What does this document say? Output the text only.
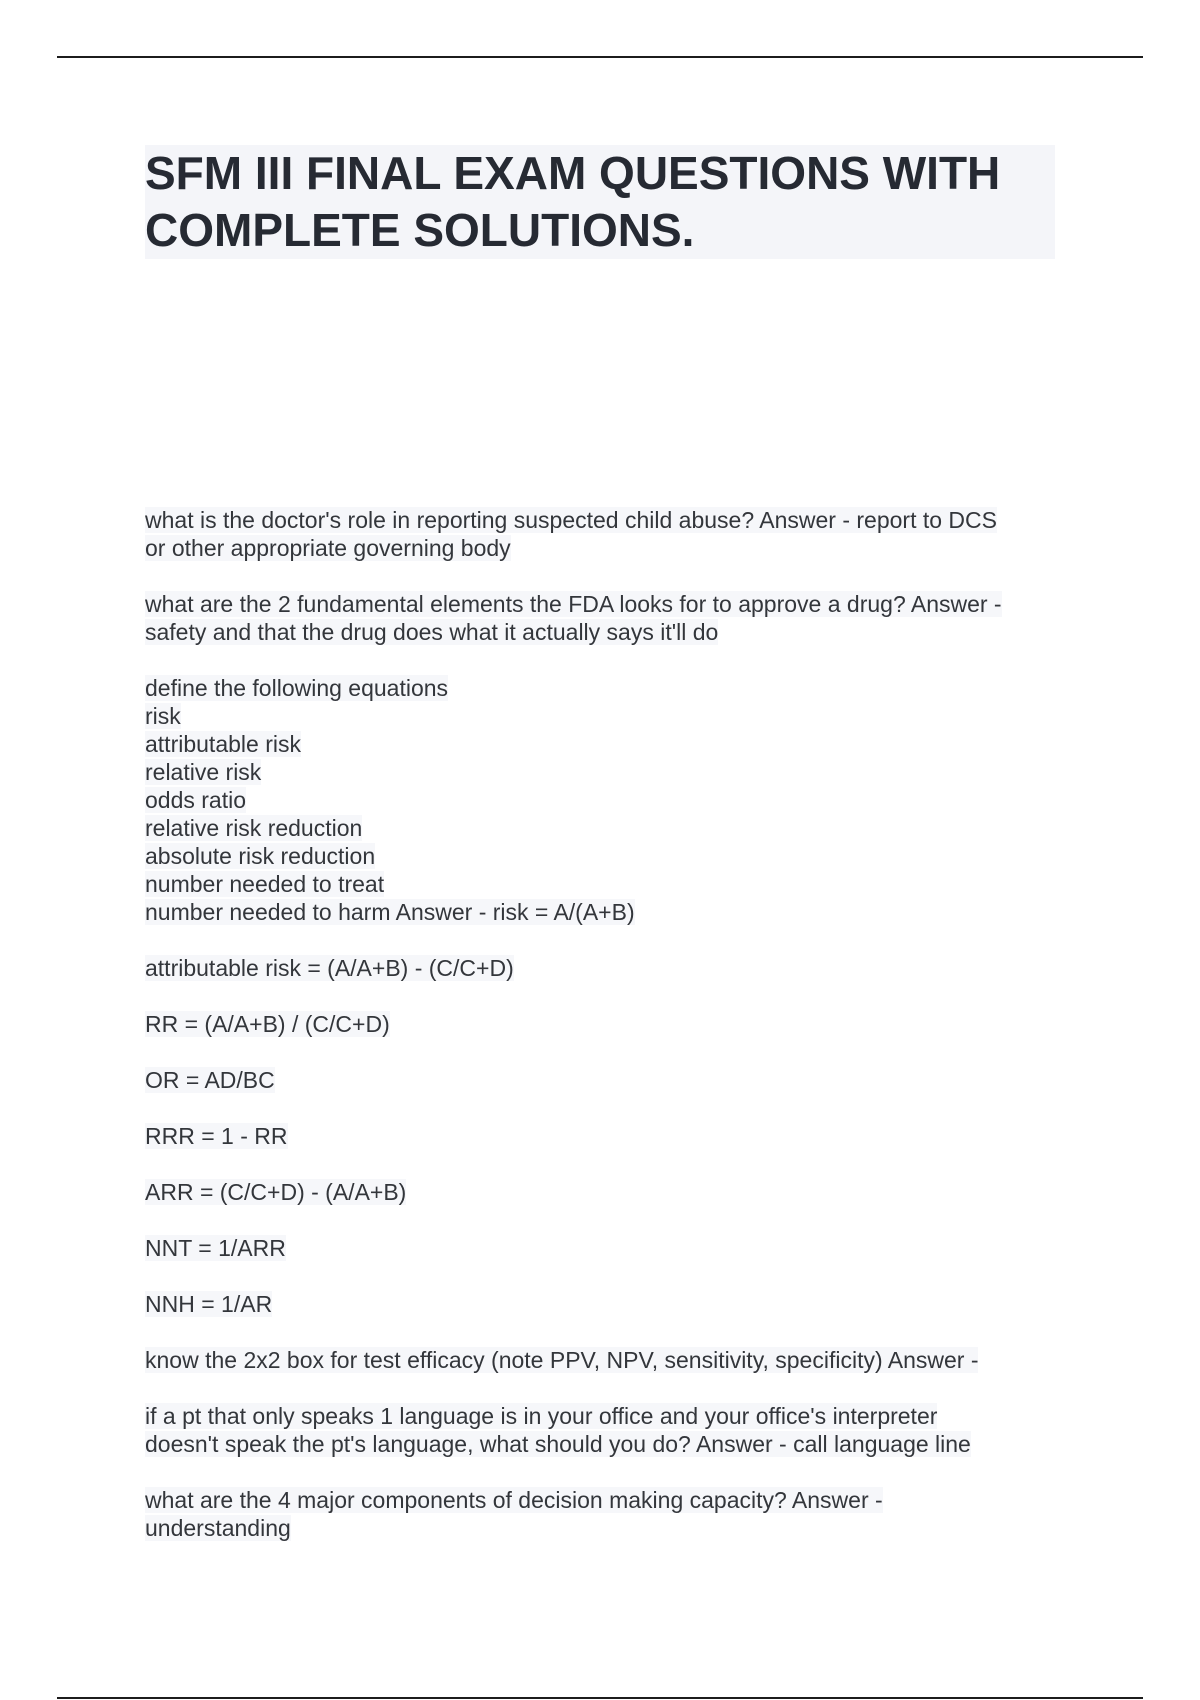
SFM III FINAL EXAM QUESTIONS WITH
COMPLETE SOLUTIONS.

what is the doctor's role in reporting suspected child abuse? Answer - report to DCS
or other appropriate governing body

what are the 2 fundamental elements the FDA looks for to approve a drug? Answer -
safety and that the drug does what it actually says it'll do

define the following equations
risk
attributable risk
relative risk
odds ratio
relative risk reduction
absolute risk reduction
number needed to treat
number needed to harm Answer - risk = A/(A+B)

attributable risk = (A/A+B) - (C/C+D)

RR = (A/A+B) / (C/C+D)

OR = AD/BC

RRR = 1 - RR

ARR = (C/C+D) - (A/A+B)

NNT = 1/ARR

NNH = 1/AR

know the 2x2 box for test efficacy (note PPV, NPV, sensitivity, specificity) Answer -

if a pt that only speaks 1 language is in your office and your office's interpreter
doesn't speak the pt's language, what should you do? Answer - call language line

what are the 4 major components of decision making capacity? Answer -
understanding
